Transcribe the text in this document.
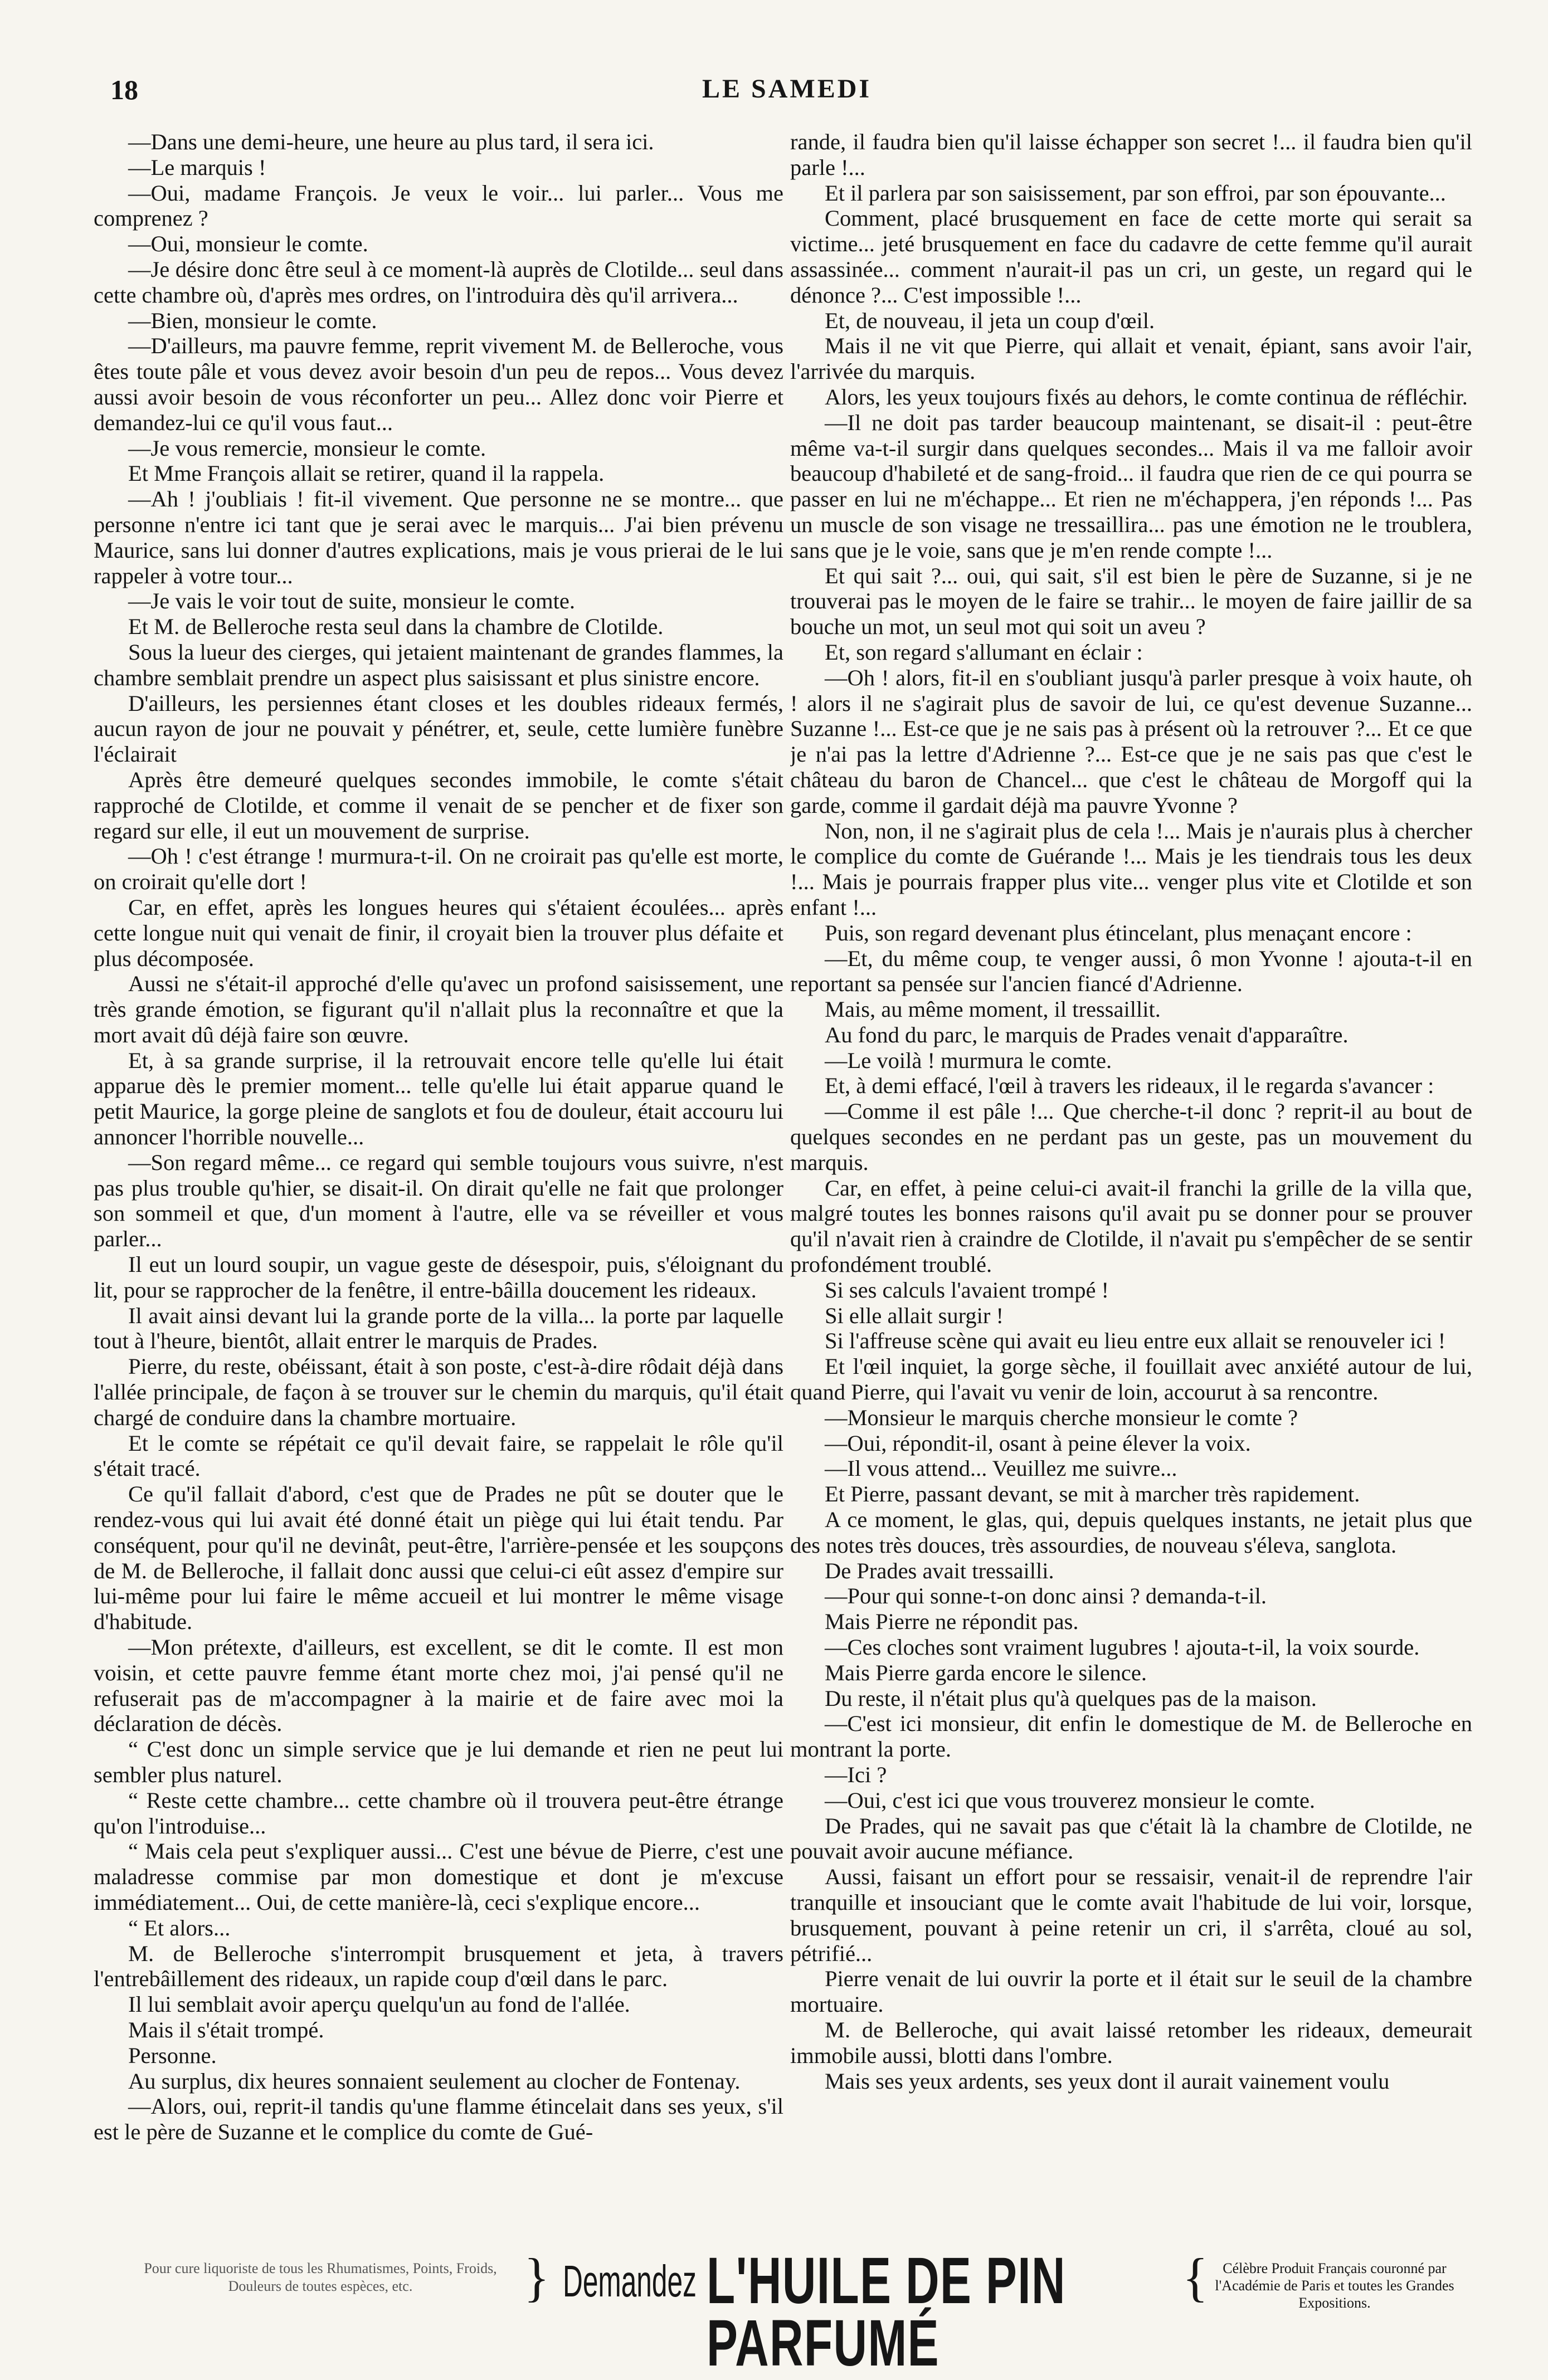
18	LE SAMEDI

—Dans une demi-heure, une heure au plus tard, il sera ici.

—Le marquis !

—Oui, madame François. Je veux le voir... lui parler... Vous me comprenez ?

—Oui, monsieur le comte.

—Je désire donc être seul à ce moment-là auprès de Clotilde... seul dans cette chambre où, d'après mes ordres, on l'introduira dès qu'il arrivera...

—Bien, monsieur le comte.

—D'ailleurs, ma pauvre femme, reprit vivement M. de Belleroche, vous êtes toute pâle et vous devez avoir besoin d'un peu de repos... Vous devez aussi avoir besoin de vous réconforter un peu... Allez donc voir Pierre et demandez-lui ce qu'il vous faut...

—Je vous remercie, monsieur le comte.

Et Mme François allait se retirer, quand il la rappela.

—Ah ! j'oubliais ! fit-il vivement. Que personne ne se montre... que personne n'entre ici tant que je serai avec le marquis... J'ai bien prévenu Maurice, sans lui donner d'autres explications, mais je vous prierai de le lui rappeler à votre tour...

—Je vais le voir tout de suite, monsieur le comte.

Et M. de Belleroche resta seul dans la chambre de Clotilde.

Sous la lueur des cierges, qui jetaient maintenant de grandes flammes, la chambre semblait prendre un aspect plus saisissant et plus sinistre encore.

D'ailleurs, les persiennes étant closes et les doubles rideaux fermés, aucun rayon de jour ne pouvait y pénétrer, et, seule, cette lumière funèbre l'éclairait

Après être demeuré quelques secondes immobile, le comte s'était rapproché de Clotilde, et comme il venait de se pencher et de fixer son regard sur elle, il eut un mouvement de surprise.

—Oh ! c'est étrange ! murmura-t-il. On ne croirait pas qu'elle est morte, on croirait qu'elle dort !

Car, en effet, après les longues heures qui s'étaient écoulées... après cette longue nuit qui venait de finir, il croyait bien la trouver plus défaite et plus décomposée.

Aussi ne s'était-il approché d'elle qu'avec un profond saisissement, une très grande émotion, se figurant qu'il n'allait plus la reconnaître et que la mort avait dû déjà faire son œuvre.

Et, à sa grande surprise, il la retrouvait encore telle qu'elle lui était apparue dès le premier moment... telle qu'elle lui était apparue quand le petit Maurice, la gorge pleine de sanglots et fou de douleur, était accouru lui annoncer l'horrible nouvelle...

—Son regard même... ce regard qui semble toujours vous suivre, n'est pas plus trouble qu'hier, se disait-il. On dirait qu'elle ne fait que prolonger son sommeil et que, d'un moment à l'autre, elle va se réveiller et vous parler...

Il eut un lourd soupir, un vague geste de désespoir, puis, s'éloignant du lit, pour se rapprocher de la fenêtre, il entre-bâilla doucement les rideaux.

Il avait ainsi devant lui la grande porte de la villa... la porte par laquelle tout à l'heure, bientôt, allait entrer le marquis de Prades.

Pierre, du reste, obéissant, était à son poste, c'est-à-dire rôdait déjà dans l'allée principale, de façon à se trouver sur le chemin du marquis, qu'il était chargé de conduire dans la chambre mortuaire.

Et le comte se répétait ce qu'il devait faire, se rappelait le rôle qu'il s'était tracé.

Ce qu'il fallait d'abord, c'est que de Prades ne pût se douter que le rendez-vous qui lui avait été donné était un piège qui lui était tendu. Par conséquent, pour qu'il ne devinât, peut-être, l'arrière-pensée et les soupçons de M. de Belleroche, il fallait donc aussi que celui-ci eût assez d'empire sur lui-même pour lui faire le même accueil et lui montrer le même visage d'habitude.

—Mon prétexte, d'ailleurs, est excellent, se dit le comte. Il est mon voisin, et cette pauvre femme étant morte chez moi, j'ai pensé qu'il ne refuserait pas de m'accompagner à la mairie et de faire avec moi la déclaration de décès.

“ C'est donc un simple service que je lui demande et rien ne peut lui sembler plus naturel.

“ Reste cette chambre... cette chambre où il trouvera peut-être étrange qu'on l'introduise...

“ Mais cela peut s'expliquer aussi... C'est une bévue de Pierre, c'est une maladresse commise par mon domestique et dont je m'excuse immédiatement... Oui, de cette manière-là, ceci s'explique encore...

“ Et alors...

M. de Belleroche s'interrompit brusquement et jeta, à travers l'entrebâillement des rideaux, un rapide coup d'œil dans le parc.

Il lui semblait avoir aperçu quelqu'un au fond de l'allée.

Mais il s'était trompé.

Personne.

Au surplus, dix heures sonnaient seulement au clocher de Fontenay.

—Alors, oui, reprit-il tandis qu'une flamme étincelait dans ses yeux, s'il est le père de Suzanne et le complice du comte de Gué-

rande, il faudra bien qu'il laisse échapper son secret !... il faudra bien qu'il parle !...

Et il parlera par son saisissement, par son effroi, par son épouvante...

Comment, placé brusquement en face de cette morte qui serait sa victime... jeté brusquement en face du cadavre de cette femme qu'il aurait assassinée... comment n'aurait-il pas un cri, un geste, un regard qui le dénonce ?... C'est impossible !...

Et, de nouveau, il jeta un coup d'œil.

Mais il ne vit que Pierre, qui allait et venait, épiant, sans avoir l'air, l'arrivée du marquis.

Alors, les yeux toujours fixés au dehors, le comte continua de réfléchir.

—Il ne doit pas tarder beaucoup maintenant, se disait-il : peut-être même va-t-il surgir dans quelques secondes... Mais il va me falloir avoir beaucoup d'habileté et de sang-froid... il faudra que rien de ce qui pourra se passer en lui ne m'échappe... Et rien ne m'échappera, j'en réponds !... Pas un muscle de son visage ne tressaillira... pas une émotion ne le troublera, sans que je le voie, sans que je m'en rende compte !...

Et qui sait ?... oui, qui sait, s'il est bien le père de Suzanne, si je ne trouverai pas le moyen de le faire se trahir... le moyen de faire jaillir de sa bouche un mot, un seul mot qui soit un aveu ?

Et, son regard s'allumant en éclair :

—Oh ! alors, fit-il en s'oubliant jusqu'à parler presque à voix haute, oh ! alors il ne s'agirait plus de savoir de lui, ce qu'est devenue Suzanne... Suzanne !... Est-ce que je ne sais pas à présent où la retrouver ?... Et ce que je n'ai pas la lettre d'Adrienne ?... Est-ce que je ne sais pas que c'est le château du baron de Chancel... que c'est le château de Morgoff qui la garde, comme il gardait déjà ma pauvre Yvonne ?

Non, non, il ne s'agirait plus de cela !... Mais je n'aurais plus à chercher le complice du comte de Guérande !... Mais je les tiendrais tous les deux !... Mais je pourrais frapper plus vite... venger plus vite et Clotilde et son enfant !...

Puis, son regard devenant plus étincelant, plus menaçant encore :

—Et, du même coup, te venger aussi, ô mon Yvonne ! ajouta-t-il en reportant sa pensée sur l'ancien fiancé d'Adrienne.

Mais, au même moment, il tressaillit.

Au fond du parc, le marquis de Prades venait d'apparaître.

—Le voilà ! murmura le comte.

Et, à demi effacé, l'œil à travers les rideaux, il le regarda s'avancer :

—Comme il est pâle !... Que cherche-t-il donc ? reprit-il au bout de quelques secondes en ne perdant pas un geste, pas un mouvement du marquis.

Car, en effet, à peine celui-ci avait-il franchi la grille de la villa que, malgré toutes les bonnes raisons qu'il avait pu se donner pour se prouver qu'il n'avait rien à craindre de Clotilde, il n'avait pu s'empêcher de se sentir profondément troublé.

Si ses calculs l'avaient trompé !

Si elle allait surgir !

Si l'affreuse scène qui avait eu lieu entre eux allait se renouveler ici !

Et l'œil inquiet, la gorge sèche, il fouillait avec anxiété autour de lui, quand Pierre, qui l'avait vu venir de loin, accourut à sa rencontre.

—Monsieur le marquis cherche monsieur le comte ?

—Oui, répondit-il, osant à peine élever la voix.

—Il vous attend... Veuillez me suivre...

Et Pierre, passant devant, se mit à marcher très rapidement.

A ce moment, le glas, qui, depuis quelques instants, ne jetait plus que des notes très douces, très assourdies, de nouveau s'éleva, sanglota.

De Prades avait tressailli.

—Pour qui sonne-t-on donc ainsi ? demanda-t-il.

Mais Pierre ne répondit pas.

—Ces cloches sont vraiment lugubres ! ajouta-t-il, la voix sourde.

Mais Pierre garda encore le silence.

Du reste, il n'était plus qu'à quelques pas de la maison.

—C'est ici monsieur, dit enfin le domestique de M. de Belleroche en montrant la porte.

—Ici ?

—Oui, c'est ici que vous trouverez monsieur le comte.

De Prades, qui ne savait pas que c'était là la chambre de Clotilde, ne pouvait avoir aucune méfiance.

Aussi, faisant un effort pour se ressaisir, venait-il de reprendre l'air tranquille et insouciant que le comte avait l'habitude de lui voir, lorsque, brusquement, pouvant à peine retenir un cri, il s'arrêta, cloué au sol, pétrifié...

Pierre venait de lui ouvrir la porte et il était sur le seuil de la chambre mortuaire.

M. de Belleroche, qui avait laissé retomber les rideaux, demeurait immobile aussi, blotti dans l'ombre.

Mais ses yeux ardents, ses yeux dont il aurait vainement voulu

Pour cure liquoriste de tous les Rhumatismes, Points, Froids, Douleurs de toutes espèces, etc.	} Demandez L'HUILE DE PIN PARFUMÉ
{	Célèbre Produit Français couronné par l'Académie de Paris et toutes les Grandes Expositions.
